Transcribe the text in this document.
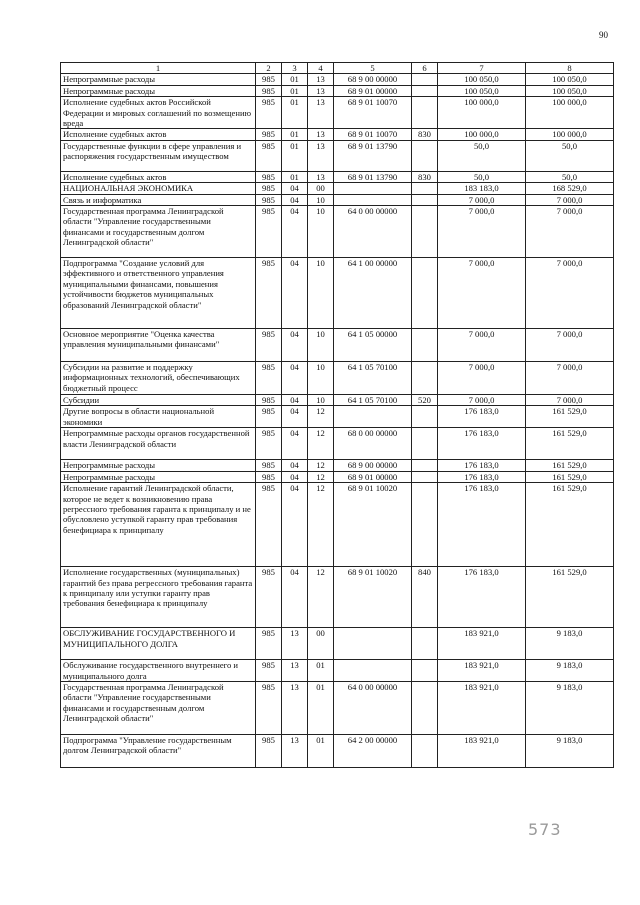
90
1	2	3	4	5	6	7	8
Непрограммные расходы	985	01	13	68 9 00 00000		100 050,0	100 050,0
Непрограммные расходы	985	01	13	68 9 01 00000		100 050,0	100 050,0
Исполнение судебных актов Российской Федерации и мировых соглашений по возмещению вреда	985	01	13	68 9 01 10070		100 000,0	100 000,0
Исполнение судебных актов	985	01	13	68 9 01 10070	830	100 000,0	100 000,0
Государственные функции в сфере управления и распоряжения государственным имуществом	985	01	13	68 9 01 13790		50,0	50,0
Исполнение судебных актов	985	01	13	68 9 01 13790	830	50,0	50,0
НАЦИОНАЛЬНАЯ ЭКОНОМИКА	985	04	00			183 183,0	168 529,0
Связь и информатика	985	04	10			7 000,0	7 000,0
Государственная программа Ленинградской области "Управление государственными финансами и государственным долгом Ленинградской области"	985	04	10	64 0 00 00000		7 000,0	7 000,0
Подпрограмма "Создание условий для эффективного и ответственного управления муниципальными финансами, повышения устойчивости бюджетов муниципальных образований Ленинградской области"	985	04	10	64 1 00 00000		7 000,0	7 000,0
Основное мероприятие "Оценка качества управления муниципальными финансами"	985	04	10	64 1 05 00000		7 000,0	7 000,0
Субсидии на развитие и поддержку информационных технологий, обеспечивающих бюджетный процесс	985	04	10	64 1 05 70100		7 000,0	7 000,0
Субсидии	985	04	10	64 1 05 70100	520	7 000,0	7 000,0
Другие вопросы в области национальной экономики	985	04	12			176 183,0	161 529,0
Непрограммные расходы органов государственной власти Ленинградской области	985	04	12	68 0 00 00000		176 183,0	161 529,0
Непрограммные расходы	985	04	12	68 9 00 00000		176 183,0	161 529,0
Непрограммные расходы	985	04	12	68 9 01 00000		176 183,0	161 529,0
Исполнение гарантий Ленинградской области, которое не ведет к возникновению права регрессного требования гаранта к принципалу и не обусловлено уступкой гаранту прав требования бенефициара к принципалу	985	04	12	68 9 01 10020		176 183,0	161 529,0
Исполнение государственных (муниципальных) гарантий без права регрессного требования гаранта к принципалу или уступки гаранту прав требования бенефициара к принципалу	985	04	12	68 9 01 10020	840	176 183,0	161 529,0
ОБСЛУЖИВАНИЕ ГОСУДАРСТВЕННОГО И МУНИЦИПАЛЬНОГО ДОЛГА	985	13	00			183 921,0	9 183,0
Обслуживание государственного внутреннего и муниципального долга	985	13	01			183 921,0	9 183,0
Государственная программа Ленинградской области "Управление государственными финансами и государственным долгом Ленинградской области"	985	13	01	64 0 00 00000		183 921,0	9 183,0
Подпрограмма "Управление государственным долгом Ленинградской области"	985	13	01	64 2 00 00000		183 921,0	9 183,0
573
